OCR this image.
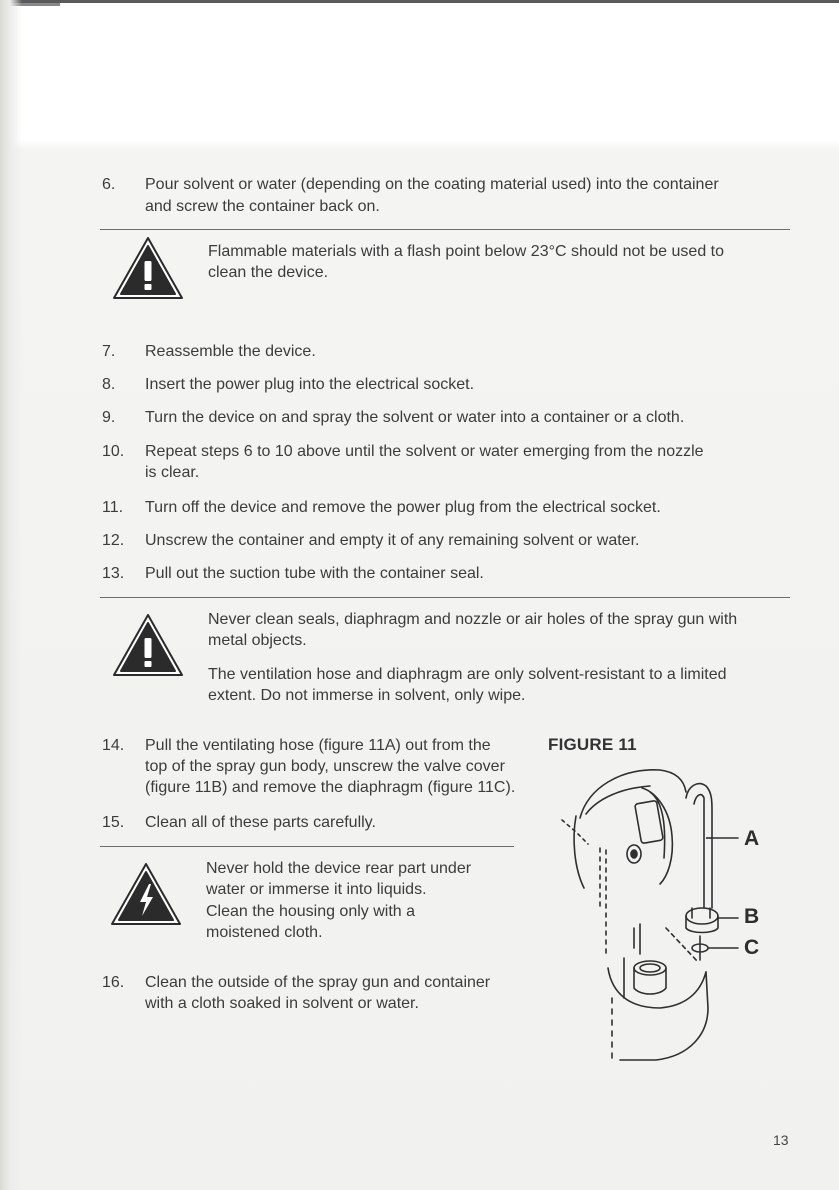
6. Pour solvent or water (depending on the coating material used) into the container
and screw the container back on.
Flammable materials with a flash point below 23°C should not be used to
clean the device.
7. Reassemble the device.
8. Insert the power plug into the electrical socket.
9. Turn the device on and spray the solvent or water into a container or a cloth.
10. Repeat steps 6 to 10 above until the solvent or water emerging from the nozzle
is clear.
11. Turn off the device and remove the power plug from the electrical socket.
12. Unscrew the container and empty it of any remaining solvent or water.
13. Pull out the suction tube with the container seal.
Never clean seals, diaphragm and nozzle or air holes of the spray gun with
metal objects.
The ventilation hose and diaphragm are only solvent-resistant to a limited
extent. Do not immerse in solvent, only wipe.
14. Pull the ventilating hose (figure 11A) out from the
top of the spray gun body, unscrew the valve cover
(figure 11B) and remove the diaphragm (figure 11C).
15. Clean all of these parts carefully.
Never hold the device rear part under
water or immerse it into liquids.
Clean the housing only with a
moistened cloth.
16. Clean the outside of the spray gun and container
with a cloth soaked in solvent or water.
FIGURE 11
A
B
C
13
